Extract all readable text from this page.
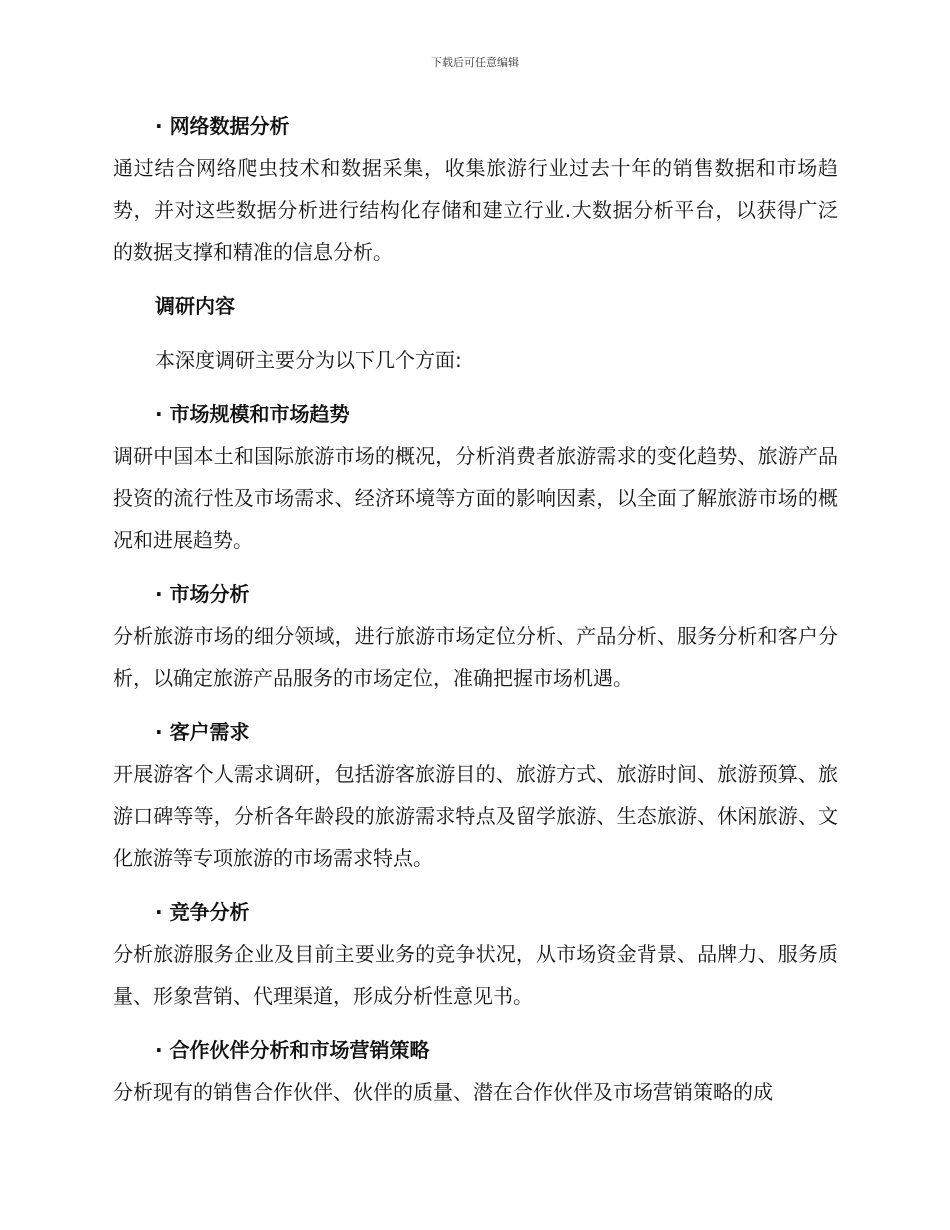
下载后可任意编辑

· 网络数据分析

通过结合网络爬虫技术和数据采集，收集旅游行业过去十年的销售数据和市场趋势，并对这些数据分析进行结构化存储和建立行业.大数据分析平台，以获得广泛的数据支撑和精准的信息分析。

调研内容

本深度调研主要分为以下几个方面:

· 市场规模和市场趋势

调研中国本土和国际旅游市场的概况，分析消费者旅游需求的变化趋势、旅游产品投资的流行性及市场需求、经济环境等方面的影响因素，以全面了解旅游市场的概况和进展趋势。

· 市场分析

分析旅游市场的细分领域，进行旅游市场定位分析、产品分析、服务分析和客户分析，以确定旅游产品服务的市场定位，准确把握市场机遇。

· 客户需求

开展游客个人需求调研，包括游客旅游目的、旅游方式、旅游时间、旅游预算、旅游口碑等等，分析各年龄段的旅游需求特点及留学旅游、生态旅游、休闲旅游、文化旅游等专项旅游的市场需求特点。

· 竞争分析

分析旅游服务企业及目前主要业务的竞争状况，从市场资金背景、品牌力、服务质量、形象营销、代理渠道，形成分析性意见书。

· 合作伙伴分析和市场营销策略

分析现有的销售合作伙伴、伙伴的质量、潜在合作伙伴及市场营销策略的成
